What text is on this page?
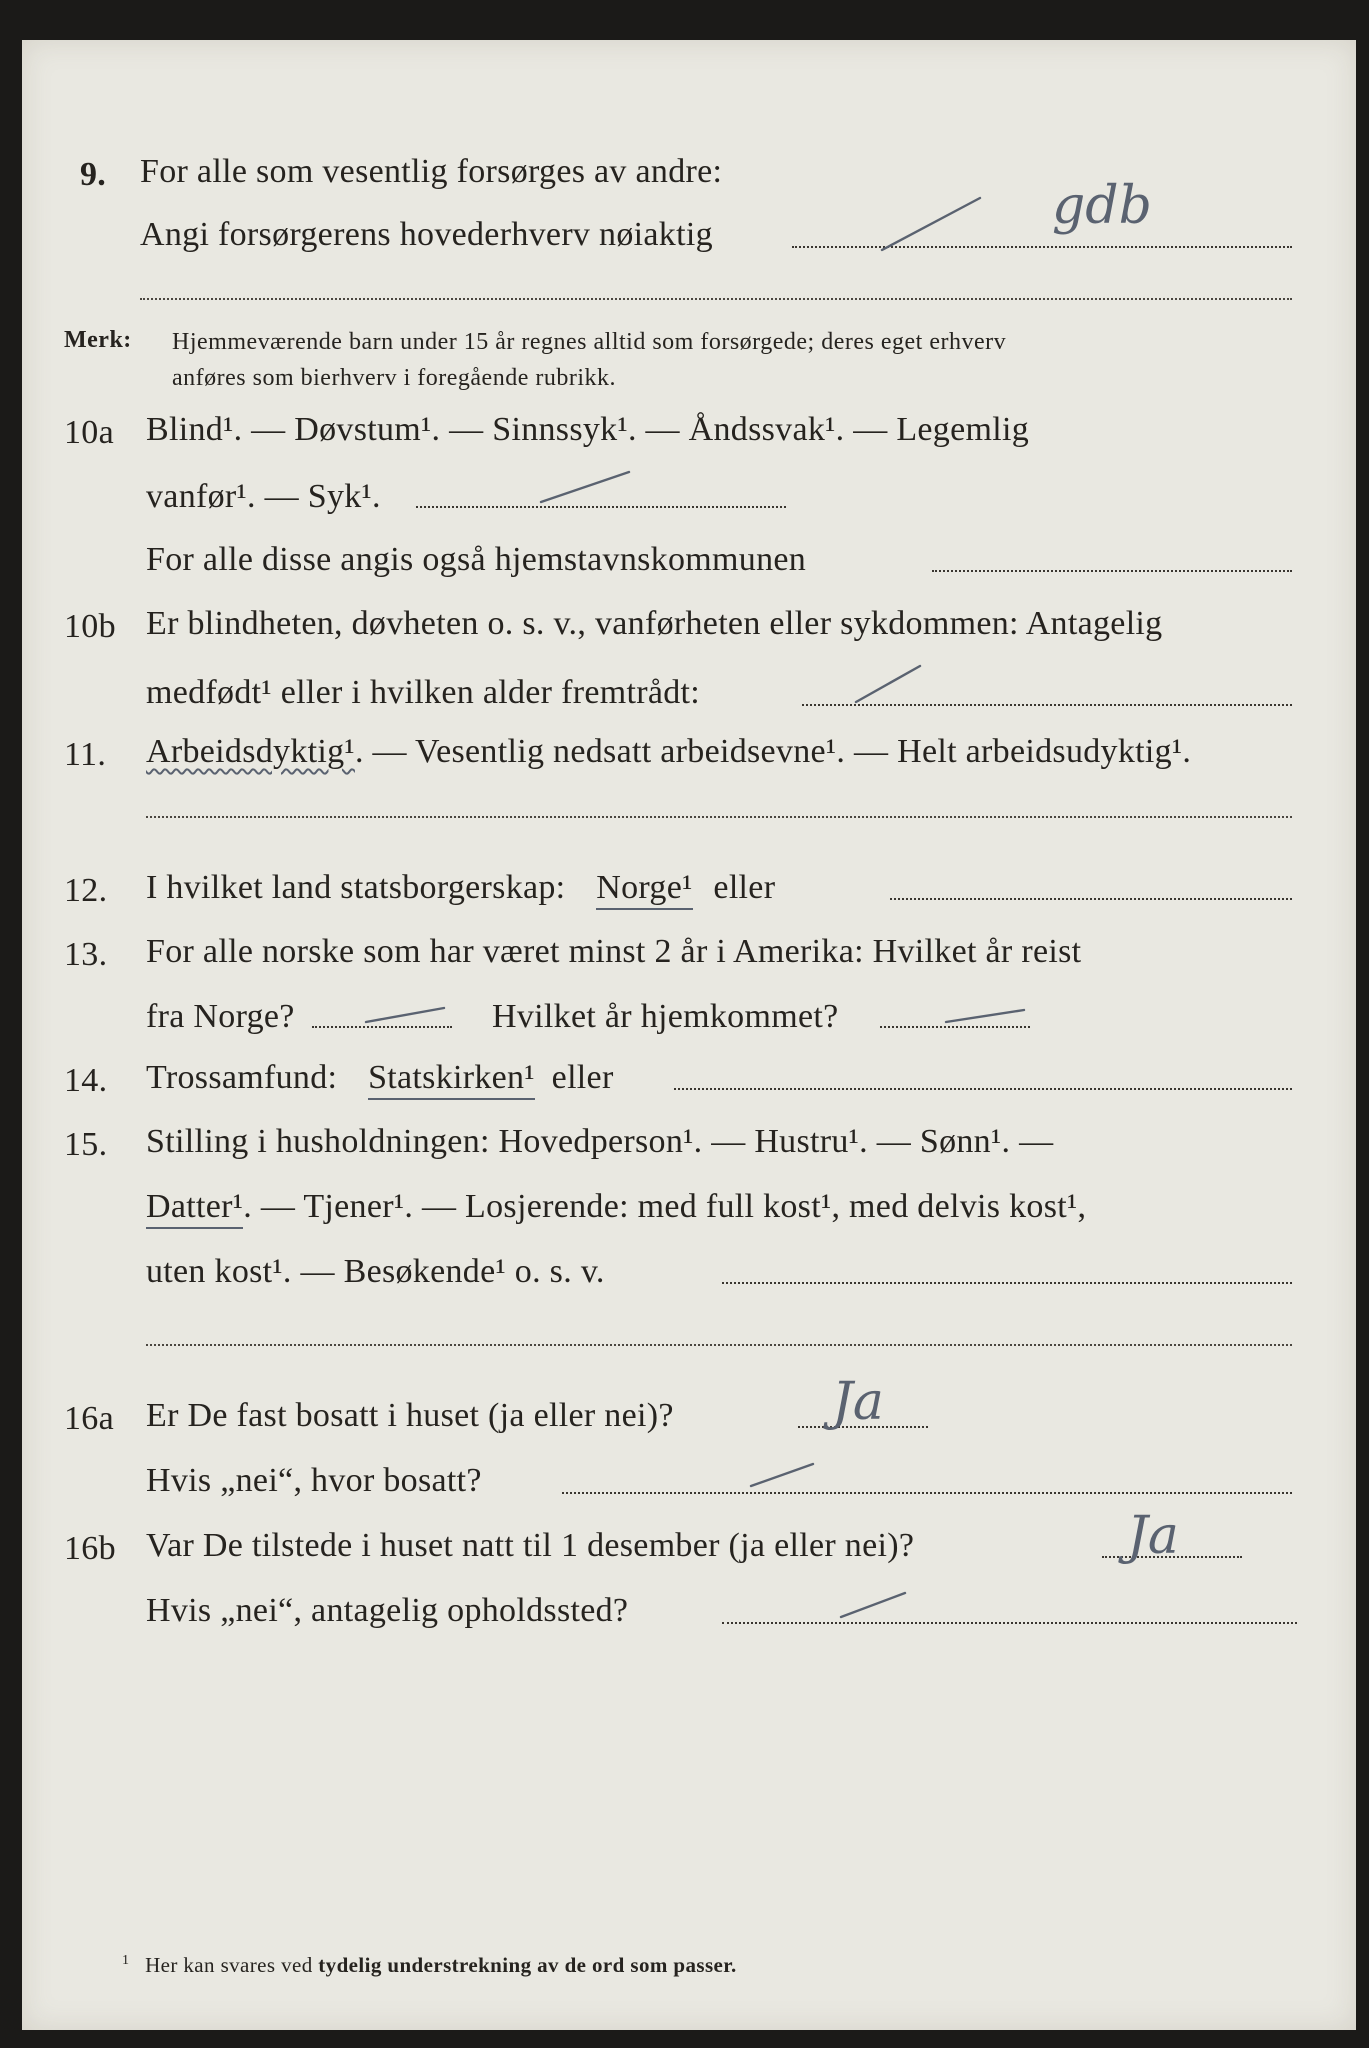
9. For alle som vesentlig forsørges av andre:
Angi forsørgerens hovederhverv nøiaktig	gdb
Merk: Hjemmeværende barn under 15 år regnes alltid som forsørgede; deres eget erhverv
anføres som bierhverv i foregående rubrikk.
10a Blind¹. — Døvstum¹. — Sinnssyk¹. — Åndssvak¹. — Legemlig
vanfør¹. — Syk¹.
For alle disse angis også hjemstavnskommunen
10b Er blindheten, døvheten o. s. v., vanførheten eller sykdommen: Antagelig
medfødt¹ eller i hvilken alder fremtrådt:
11. Arbeidsdyktig¹. — Vesentlig nedsatt arbeidsevne¹. — Helt arbeidsudyktig¹.
12. I hvilket land statsborgerskap: Norge¹ eller
13. For alle norske som har været minst 2 år i Amerika: Hvilket år reist
fra Norge?	Hvilket år hjemkommet?
14. Trossamfund: Statskirken¹ eller
15. Stilling i husholdningen: Hovedperson¹. — Hustru¹. — Sønn¹. —
Datter¹. — Tjener¹. — Losjerende: med full kost¹, med delvis kost¹,
uten kost¹. — Besøkende¹ o. s. v.
16a Er De fast bosatt i huset (ja eller nei)?	Ja
Hvis „nei“, hvor bosatt?
16b Var De tilstede i huset natt til 1 desember (ja eller nei)?	Ja
Hvis „nei“, antagelig opholdssted?
$^1$ Her kan svares ved tydelig understrekning av de ord som passer.
